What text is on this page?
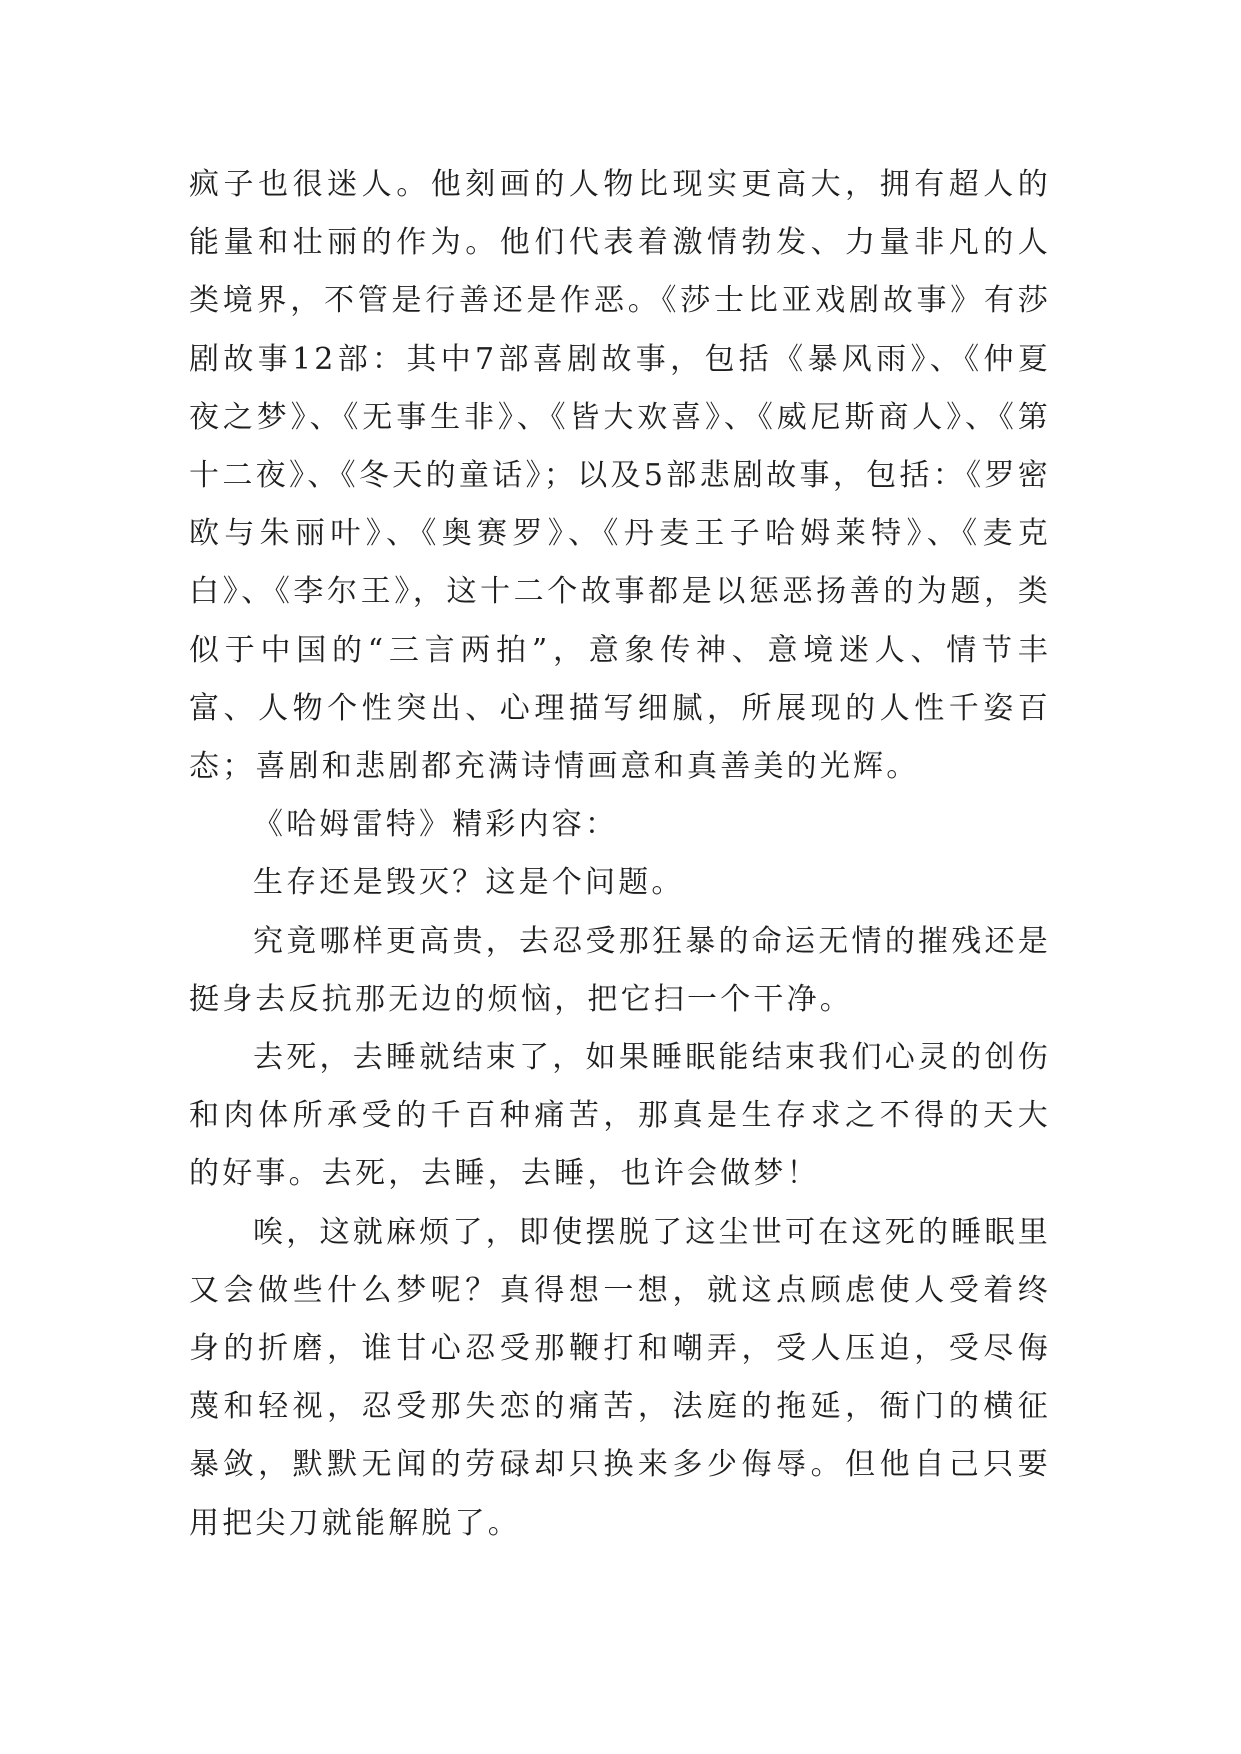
疯子也很迷人。他刻画的人物比现实更高大，拥有超人的能量和壮丽的作为。他们代表着激情勃发、力量非凡的人类境界，不管是行善还是作恶。《莎士比亚戏剧故事》有莎剧故事12部：其中7部喜剧故事，包括《暴风雨》、《仲夏夜之梦》、《无事生非》、《皆大欢喜》、《威尼斯商人》、《第十二夜》、《冬天的童话》；以及5部悲剧故事，包括：《罗密欧与朱丽叶》、《奥赛罗》、《丹麦王子哈姆莱特》、《麦克白》、《李尔王》，这十二个故事都是以惩恶扬善的为题，类似于中国的“三言两拍”，意象传神、意境迷人、情节丰富、人物个性突出、心理描写细腻，所展现的人性千姿百态；喜剧和悲剧都充满诗情画意和真善美的光辉。

《哈姆雷特》精彩内容：

生存还是毁灭？这是个问题。

究竟哪样更高贵，去忍受那狂暴的命运无情的摧残还是挺身去反抗那无边的烦恼，把它扫一个干净。

去死，去睡就结束了，如果睡眠能结束我们心灵的创伤和肉体所承受的千百种痛苦，那真是生存求之不得的天大的好事。去死，去睡，去睡，也许会做梦！

唉，这就麻烦了，即使摆脱了这尘世可在这死的睡眠里又会做些什么梦呢？真得想一想，就这点顾虑使人受着终身的折磨，谁甘心忍受那鞭打和嘲弄，受人压迫，受尽侮蔑和轻视，忍受那失恋的痛苦，法庭的拖延，衙门的横征暴敛，默默无闻的劳碌却只换来多少侮辱。但他自己只要用把尖刀就能解脱了。
